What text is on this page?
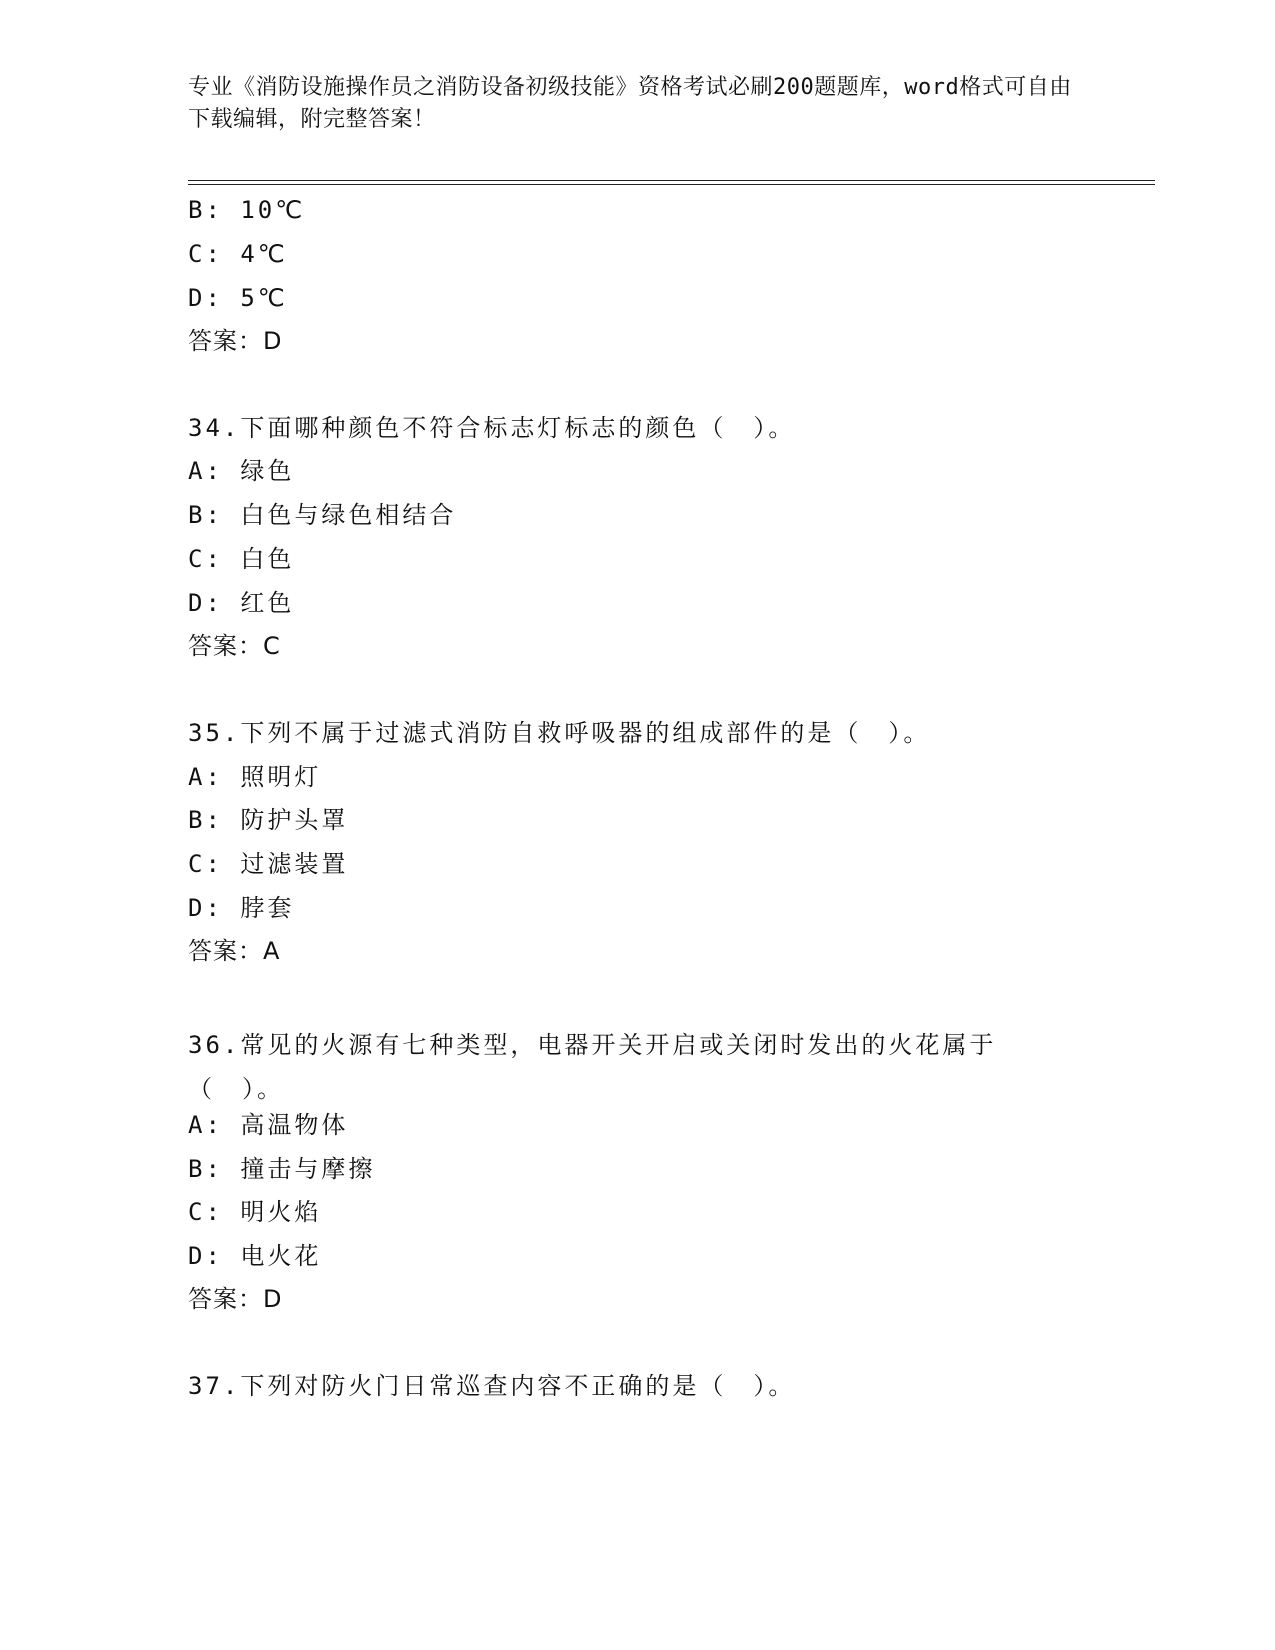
专业《消防设施操作员之消防设备初级技能》资格考试必刷200题题库，word格式可自由下载编辑，附完整答案！
B: 10℃
C: 4℃
D: 5℃
答案：D
34.下面哪种颜色不符合标志灯标志的颜色（　）。
A: 绿色
B: 白色与绿色相结合
C: 白色
D: 红色
答案：C
35.下列不属于过滤式消防自救呼吸器的组成部件的是（　）。
A: 照明灯
B: 防护头罩
C: 过滤装置
D: 脖套
答案：A
36.常见的火源有七种类型，电器开关开启或关闭时发出的火花属于（　）。
A: 高温物体
B: 撞击与摩擦
C: 明火焰
D: 电火花
答案：D
37.下列对防火门日常巡查内容不正确的是（　）。
